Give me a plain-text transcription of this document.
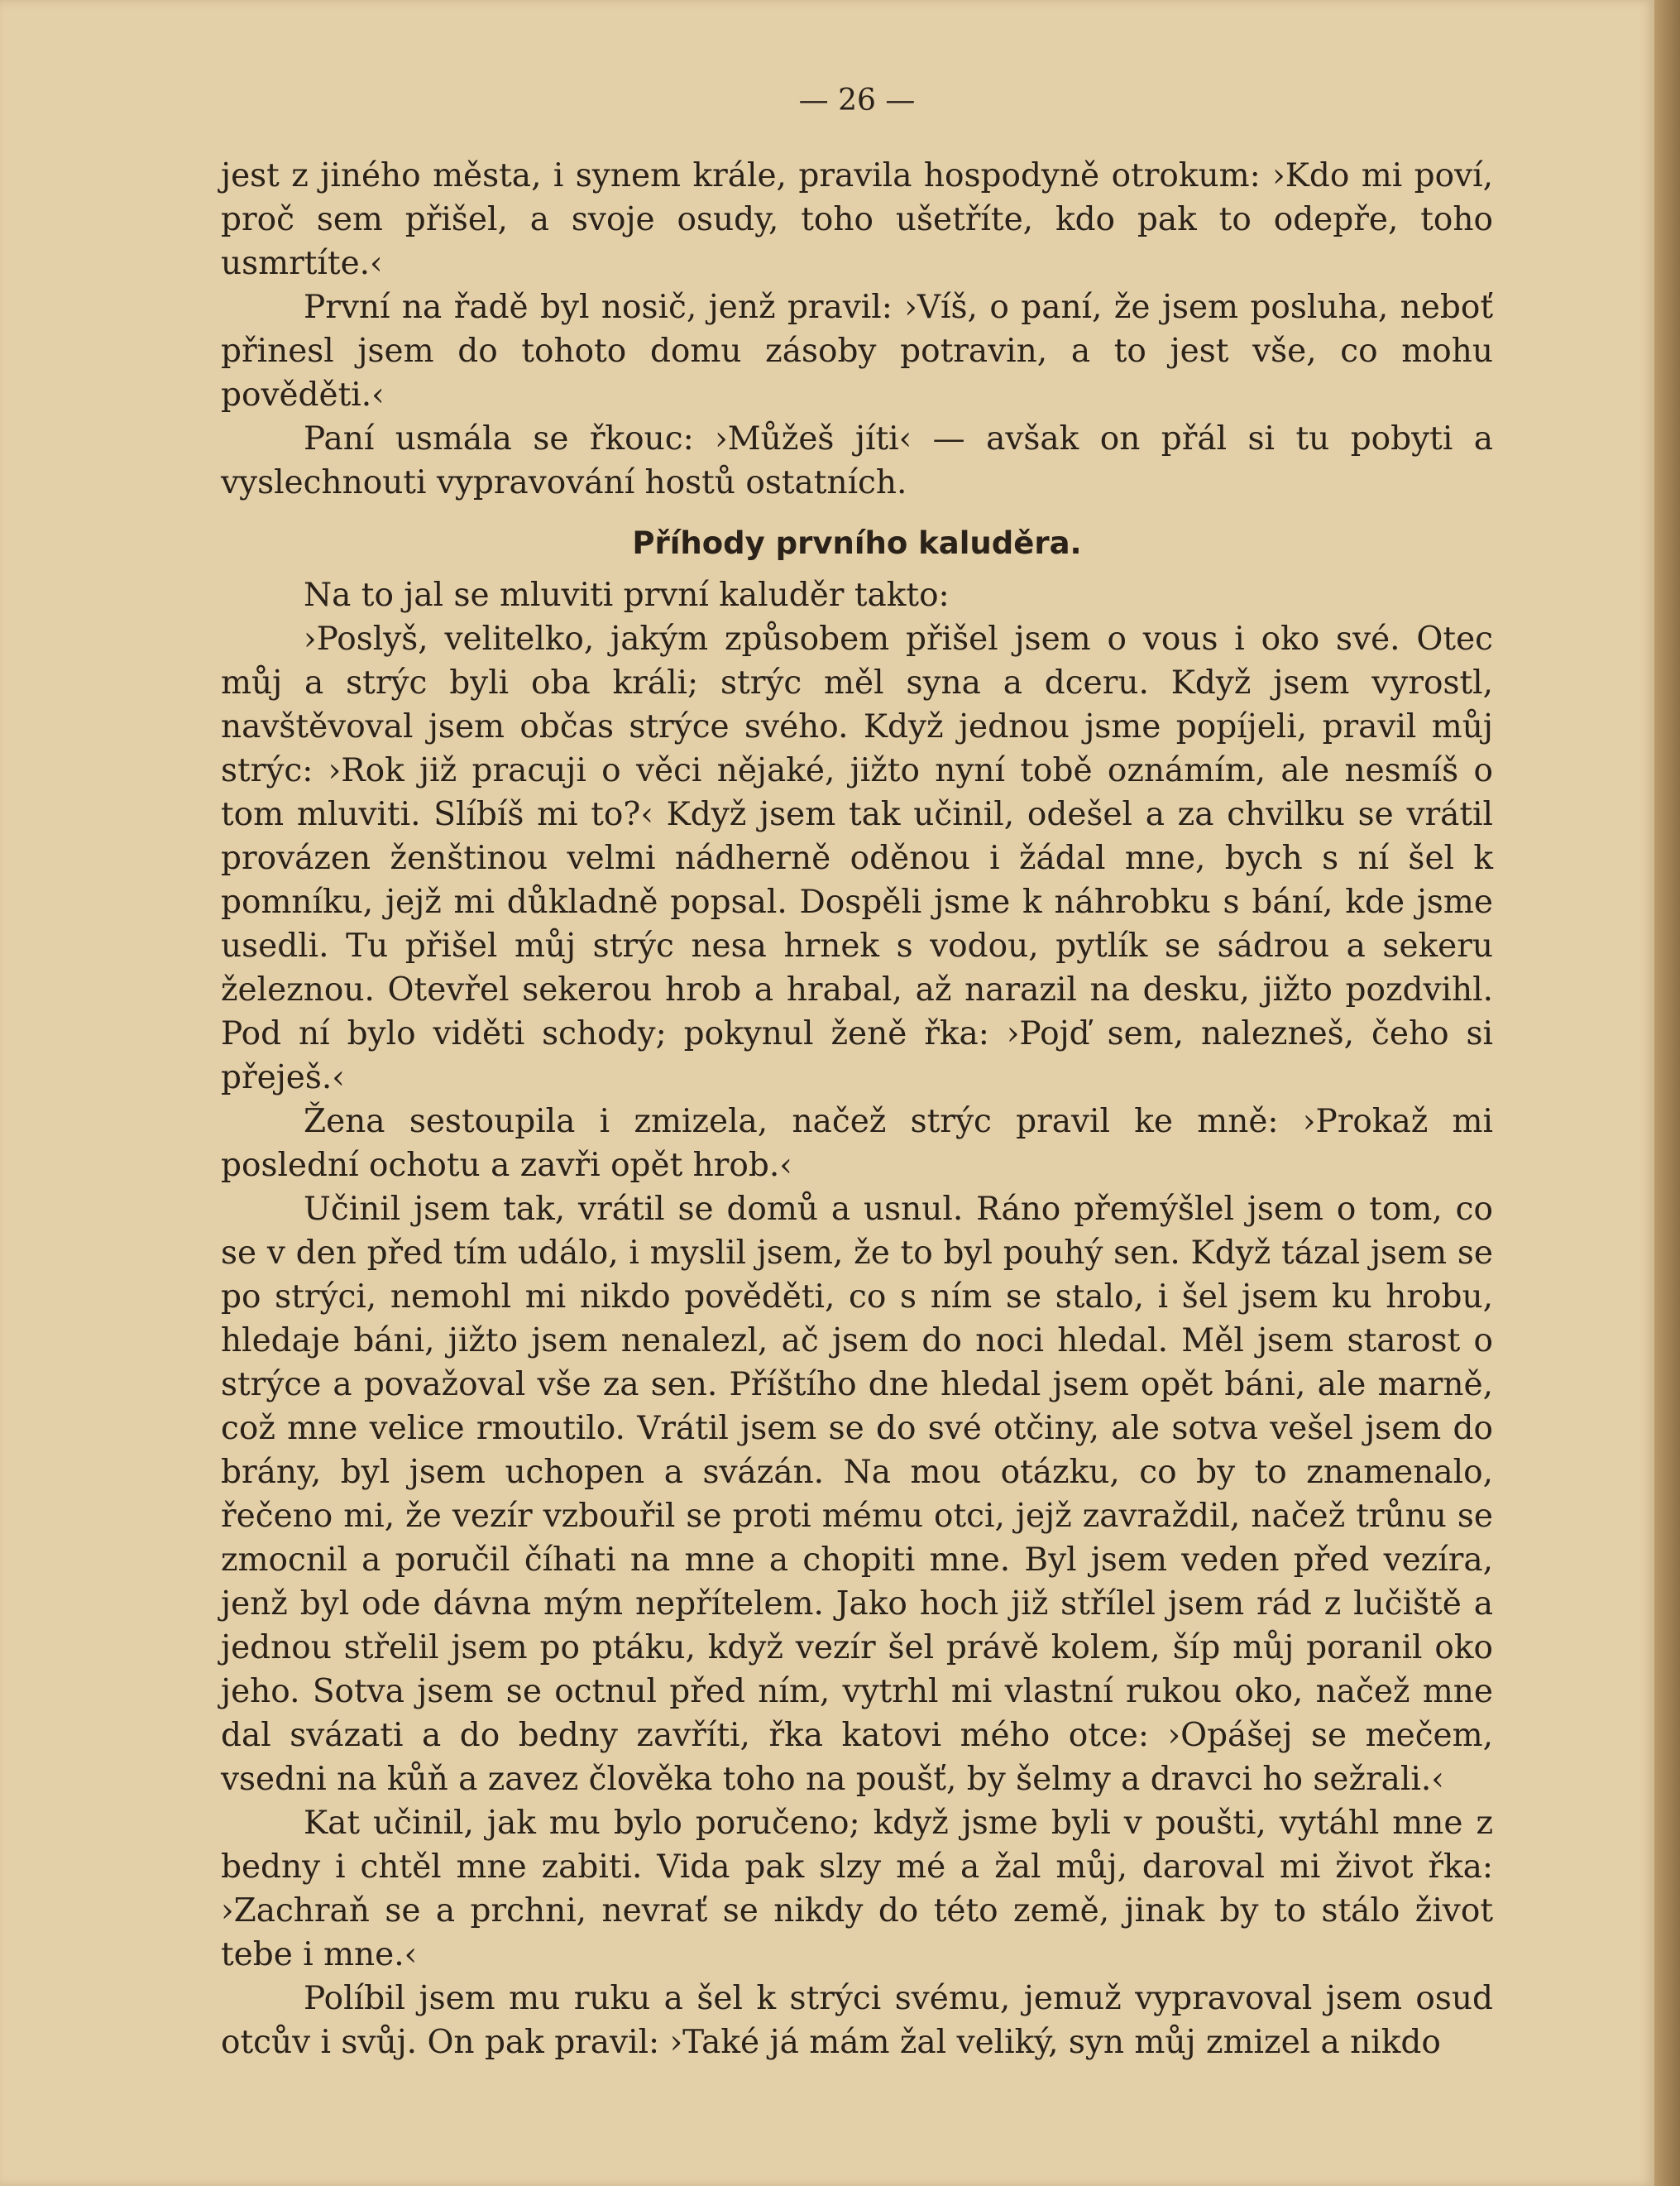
— 26 —

jest z jiného města, i synem krále, pravila hospodyně otrokum: ›Kdo mi poví, proč sem přišel, a svoje osudy, toho ušetříte, kdo pak to odepře, toho usmrtíte.‹

První na řadě byl nosič, jenž pravil: ›Víš, o paní, že jsem posluha, neboť přinesl jsem do tohoto domu zásoby potravin, a to jest vše, co mohu pověděti.‹

Paní usmála se řkouc: ›Můžeš jíti‹ — avšak on přál si tu pobyti a vyslechnouti vypravování hostů ostatních.

Příhody prvního kaluděra.

Na to jal se mluviti první kaluděr takto:

›Poslyš, velitelko, jakým způsobem přišel jsem o vous i oko své. Otec můj a strýc byli oba králi; strýc měl syna a dceru. Když jsem vyrostl, navštěvoval jsem občas strýce svého. Když jednou jsme popíjeli, pravil můj strýc: ›Rok již pracuji o věci nějaké, jižto nyní tobě oznámím, ale nesmíš o tom mluviti. Slíbíš mi to?‹ Když jsem tak učinil, odešel a za chvilku se vrátil provázen ženštinou velmi nádherně oděnou i žádal mne, bych s ní šel k pomníku, jejž mi důkladně popsal. Dospěli jsme k náhrobku s bání, kde jsme usedli. Tu přišel můj strýc nesa hrnek s vodou, pytlík se sádrou a sekeru železnou. Otevřel sekerou hrob a hrabal, až narazil na desku, jižto pozdvihl. Pod ní bylo viděti schody; pokynul ženě řka: ›Pojď sem, nalezneš, čeho si přeješ.‹

Žena sestoupila i zmizela, načež strýc pravil ke mně: ›Prokaž mi poslední ochotu a zavři opět hrob.‹

Učinil jsem tak, vrátil se domů a usnul. Ráno přemýšlel jsem o tom, co se v den před tím událo, i myslil jsem, že to byl pouhý sen. Když tázal jsem se po strýci, nemohl mi nikdo pověděti, co s ním se stalo, i šel jsem ku hrobu, hledaje báni, jižto jsem nenalezl, ač jsem do noci hledal. Měl jsem starost o strýce a považoval vše za sen. Příštího dne hledal jsem opět báni, ale marně, což mne velice rmoutilo. Vrátil jsem se do své otčiny, ale sotva vešel jsem do brány, byl jsem uchopen a svázán. Na mou otázku, co by to znamenalo, řečeno mi, že vezír vzbouřil se proti mému otci, jejž zavraždil, načež trůnu se zmocnil a poručil číhati na mne a chopiti mne. Byl jsem veden před vezíra, jenž byl ode dávna mým nepřítelem. Jako hoch již střílel jsem rád z lučiště a jednou střelil jsem po ptáku, když vezír šel právě kolem, šíp můj poranil oko jeho. Sotva jsem se octnul před ním, vytrhl mi vlastní rukou oko, načež mne dal svázati a do bedny zavříti, řka katovi mého otce: ›Opášej se mečem, vsedni na kůň a zavez člověka toho na poušť, by šelmy a dravci ho sežrali.‹

Kat učinil, jak mu bylo poručeno; když jsme byli v poušti, vytáhl mne z bedny i chtěl mne zabiti. Vida pak slzy mé a žal můj, daroval mi život řka: ›Zachraň se a prchni, nevrať se nikdy do této země, jinak by to stálo život tebe i mne.‹

Políbil jsem mu ruku a šel k strýci svému, jemuž vypravoval jsem osud otcův i svůj. On pak pravil: ›Také já mám žal veliký, syn můj zmizel a nikdo
